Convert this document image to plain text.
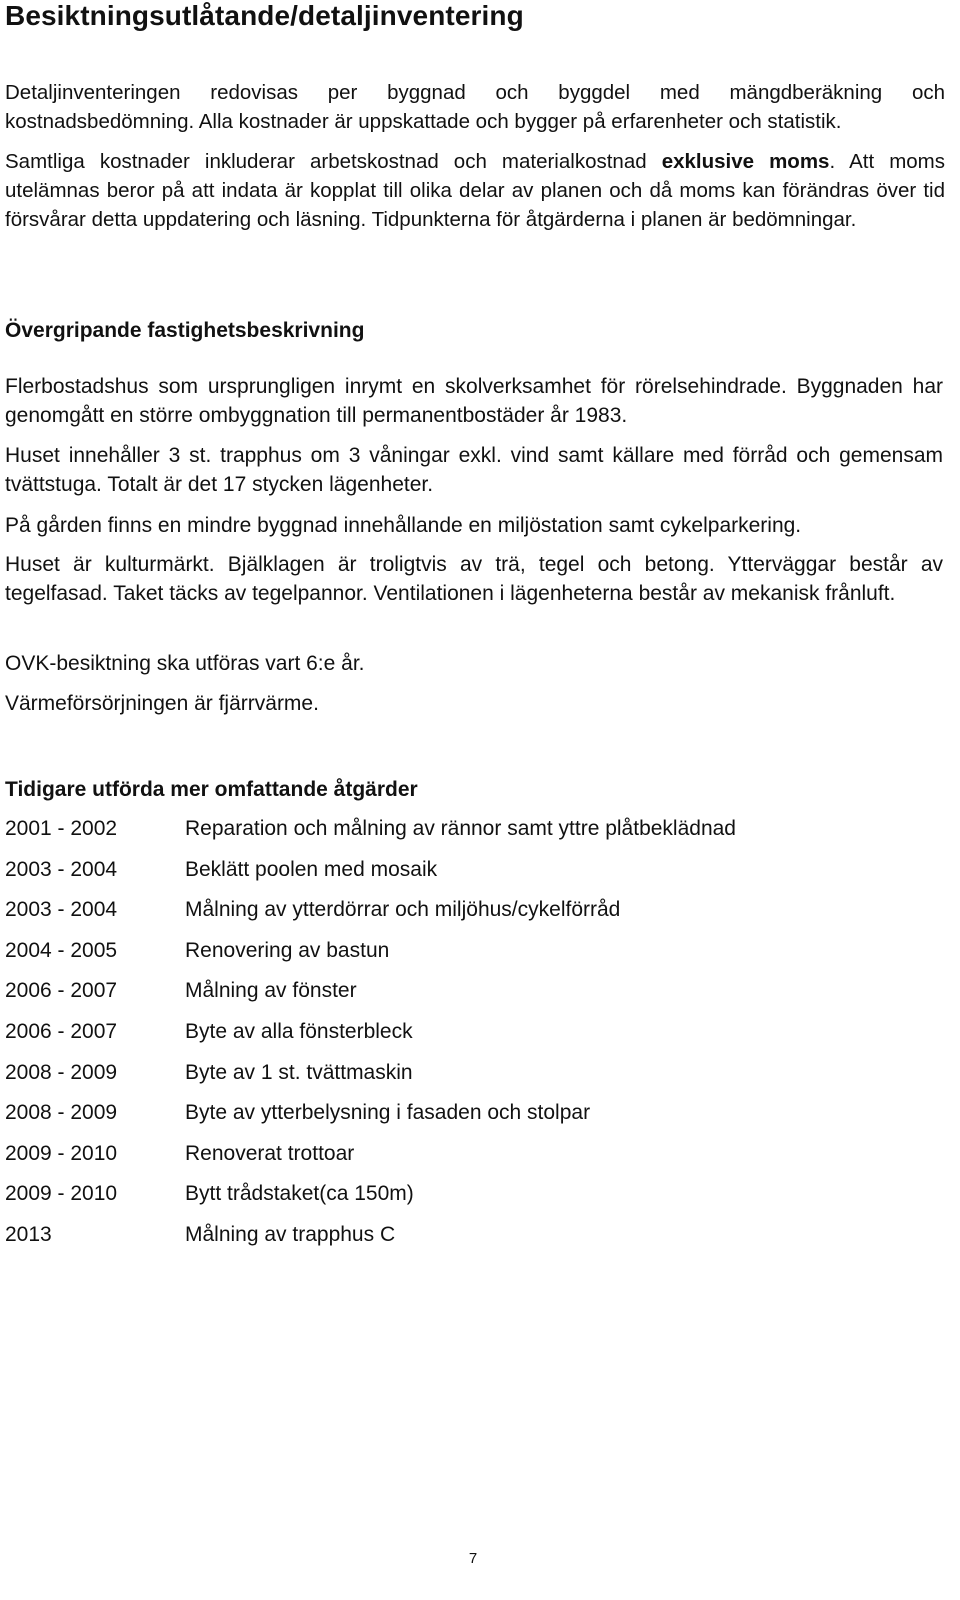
Besiktningsutlåtande/detaljinventering

Detaljinventeringen redovisas per byggnad och byggdel med mängdberäkning och kostnadsbedömning. Alla kostnader är uppskattade och bygger på erfarenheter och statistik.

Samtliga kostnader inkluderar arbetskostnad och materialkostnad exklusive moms. Att moms utelämnas beror på att indata är kopplat till olika delar av planen och då moms kan förändras över tid försvårar detta uppdatering och läsning. Tidpunkterna för åtgärderna i planen är bedömningar.

Övergripande fastighetsbeskrivning

Flerbostadshus som ursprungligen inrymt en skolverksamhet för rörelsehindrade. Byggnaden har genomgått en större ombyggnation till permanentbostäder år 1983.

Huset innehåller 3 st. trapphus om 3 våningar exkl. vind samt källare med förråd och gemensam tvättstuga. Totalt är det 17 stycken lägenheter.

På gården finns en mindre byggnad innehållande en miljöstation samt cykelparkering.

Huset är kulturmärkt. Bjälklagen är troligtvis av trä, tegel och betong. Ytterväggar består av tegelfasad. Taket täcks av tegelpannor. Ventilationen i lägenheterna består av mekanisk frånluft.

OVK-besiktning ska utföras vart 6:e år.

Värmeförsörjningen är fjärrvärme.

Tidigare utförda mer omfattande åtgärder
2001 - 2002	Reparation och målning av rännor samt yttre plåtbeklädnad
2003 - 2004	Beklätt poolen med mosaik
2003 - 2004	Målning av ytterdörrar och miljöhus/cykelförråd
2004 - 2005	Renovering av bastun
2006 - 2007	Målning av fönster
2006 - 2007	Byte av alla fönsterbleck
2008 - 2009	Byte av 1 st. tvättmaskin
2008 - 2009	Byte av ytterbelysning i fasaden och stolpar
2009 - 2010	Renoverat trottoar
2009 - 2010	Bytt trådstaket(ca 150m)
2013	Målning av trapphus C
7
